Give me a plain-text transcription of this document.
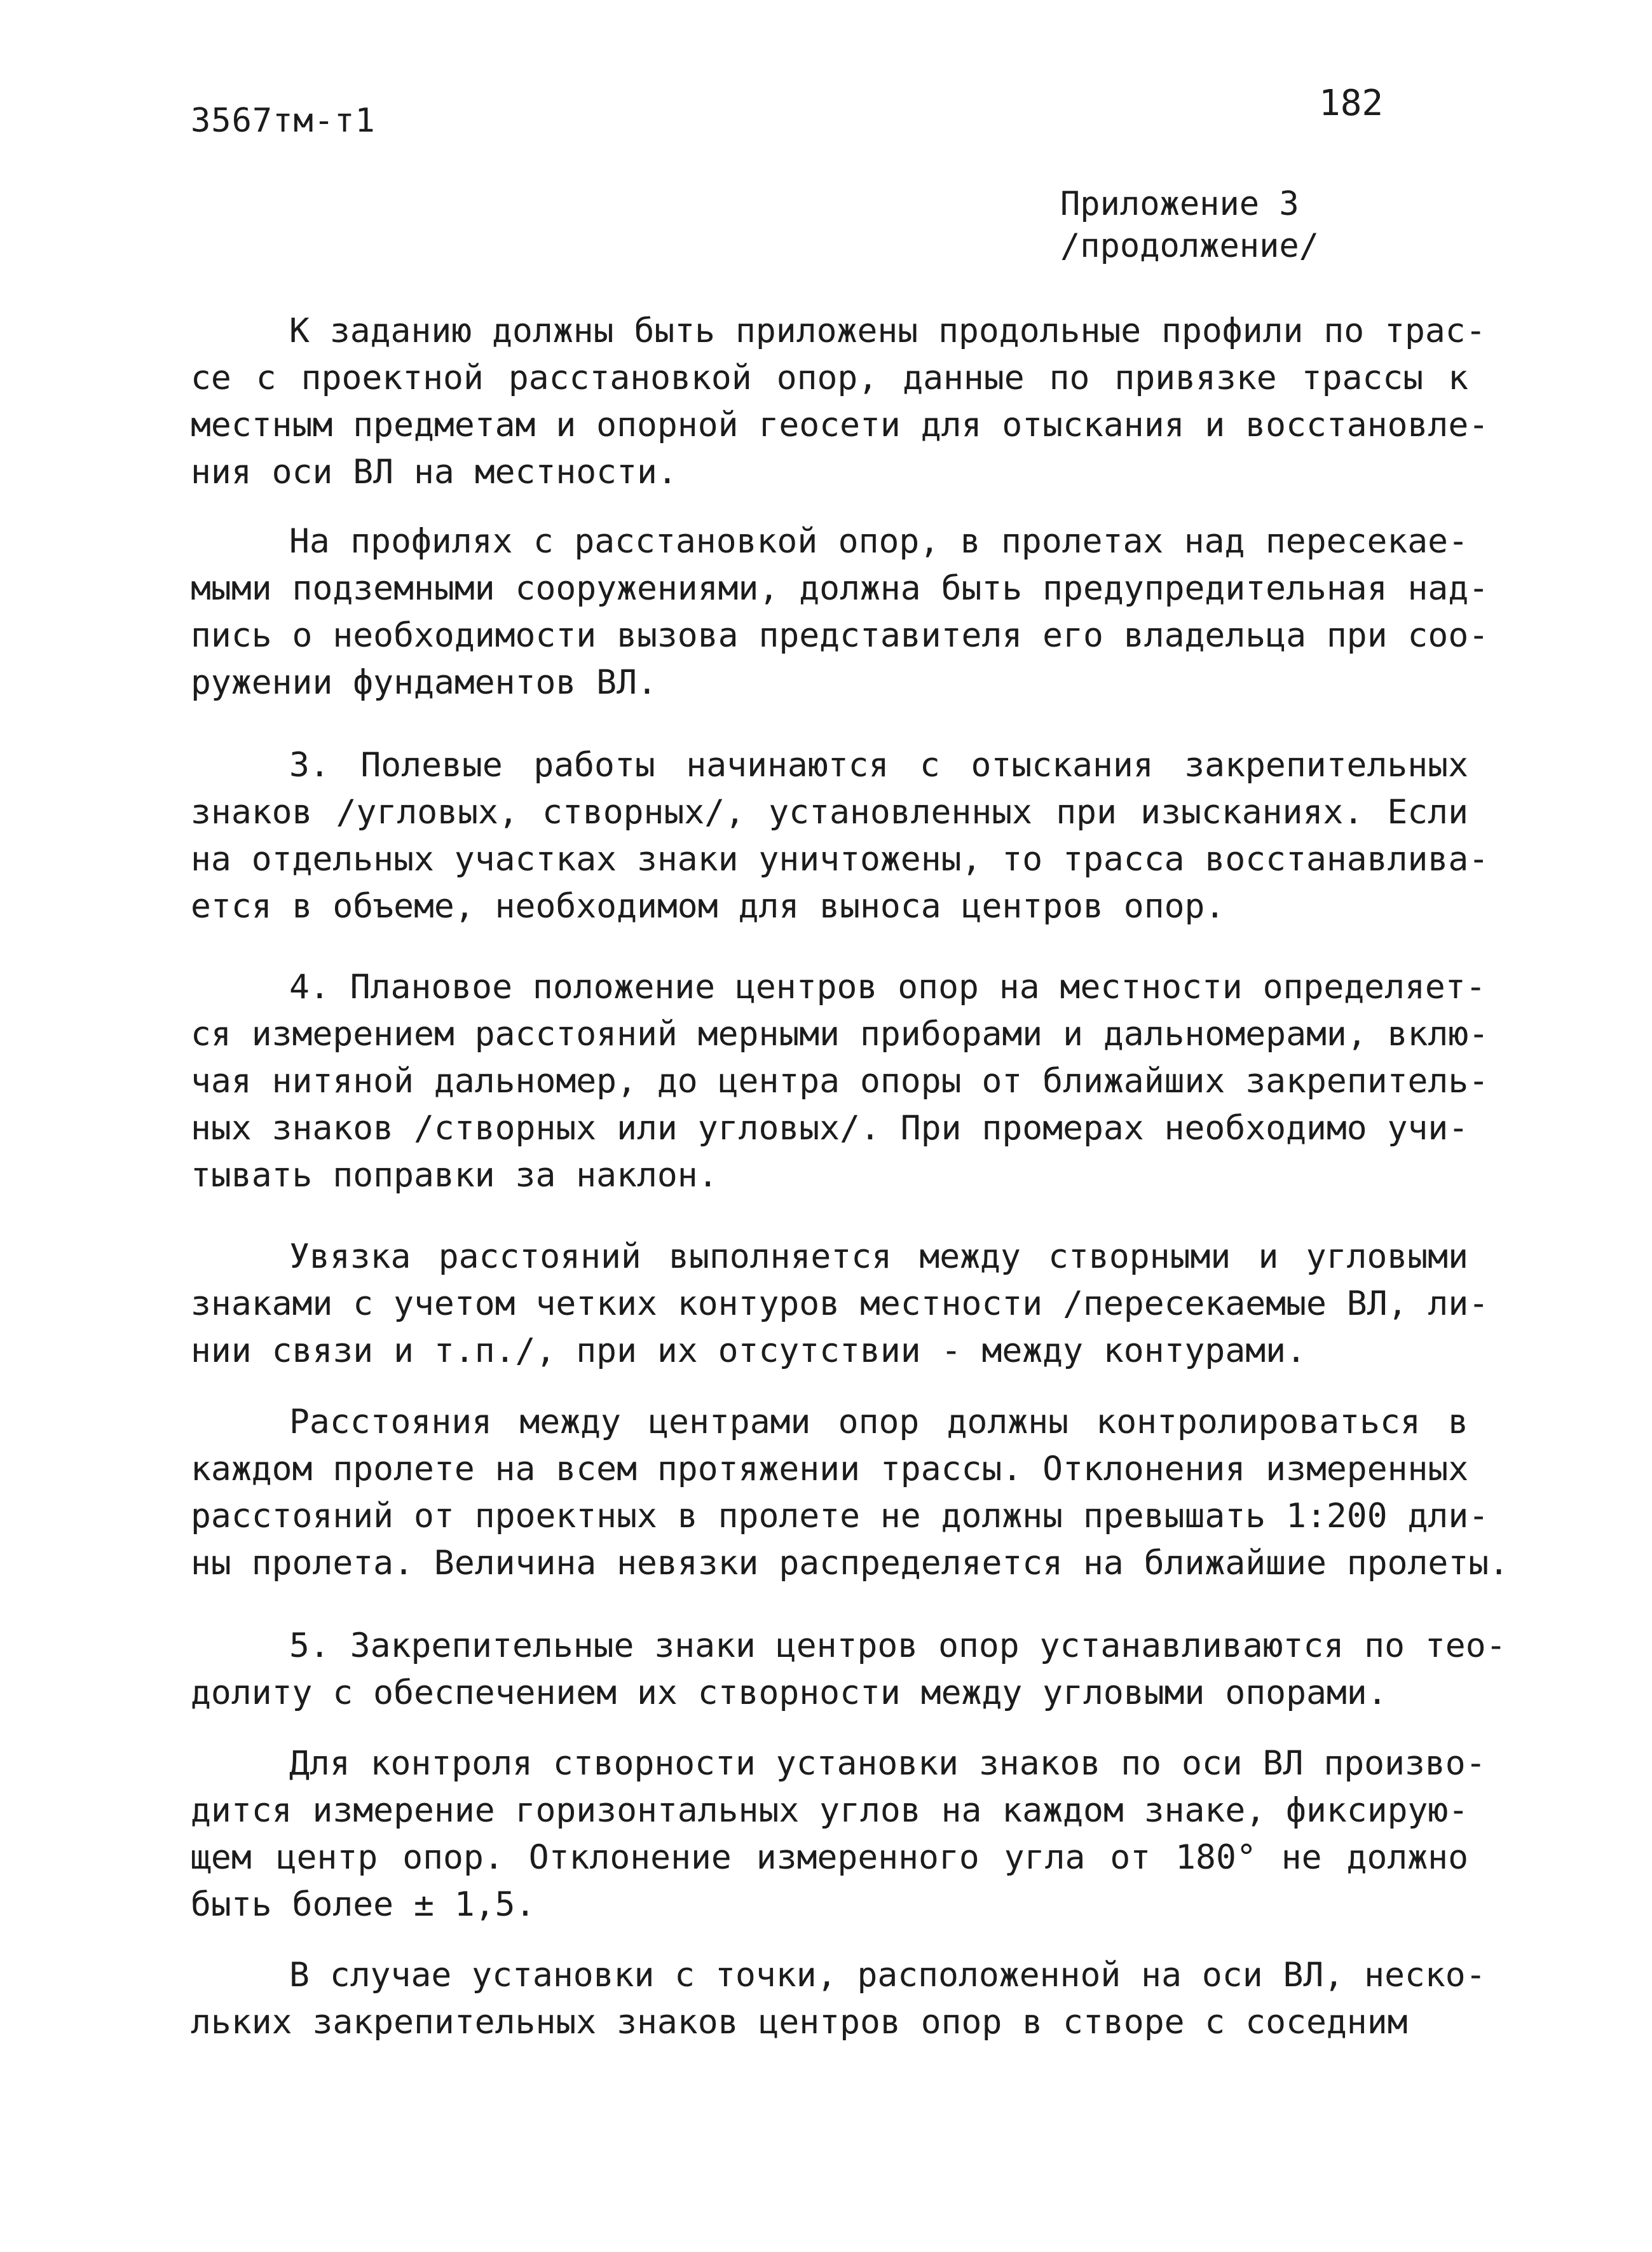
3567тм-т1	182
Приложение 3
/продолжение/
К заданию должны быть приложены продольные профили по трас-
се с проектной расстановкой опор, данные по привязке трассы к
местным предметам и опорной геосети для отыскания и восстановле-
ния оси ВЛ на местности.
На профилях с расстановкой опор, в пролетах над пересекае-
мыми подземными сооружениями, должна быть предупредительная над-
пись о необходимости вызова представителя его владельца при соо-
ружении фундаментов ВЛ.
3. Полевые работы начинаются с отыскания закрепительных
знаков /угловых, створных/, установленных при изысканиях. Если
на отдельных участках знаки уничтожены, то трасса восстанавлива-
ется в объеме, необходимом для выноса центров опор.
4. Плановое положение центров опор на местности определяет-
ся измерением расстояний мерными приборами и дальномерами, вклю-
чая нитяной дальномер, до центра опоры от ближайших закрепитель-
ных знаков /створных или угловых/. При промерах необходимо учи-
тывать поправки за наклон.
Увязка расстояний выполняется между створными и угловыми
знаками с учетом четких контуров местности /пересекаемые ВЛ, ли-
нии связи и т.п./, при их отсутствии - между контурами.
Расстояния между центрами опор должны контролироваться в
каждом пролете на всем протяжении трассы. Отклонения измеренных
расстояний от проектных в пролете не должны превышать 1:200 дли-
ны пролета. Величина невязки распределяется на ближайшие пролеты.
5. Закрепительные знаки центров опор устанавливаются по тео-
долиту с обеспечением их створности между угловыми опорами.
Для контроля створности установки знаков по оси ВЛ произво-
дится измерение горизонтальных углов на каждом знаке, фиксирую-
щем центр опор. Отклонение измеренного угла от 180° не должно
быть более ± 1,5.
В случае установки с точки, расположенной на оси ВЛ, неско-
льких закрепительных знаков центров опор в створе с соседним
